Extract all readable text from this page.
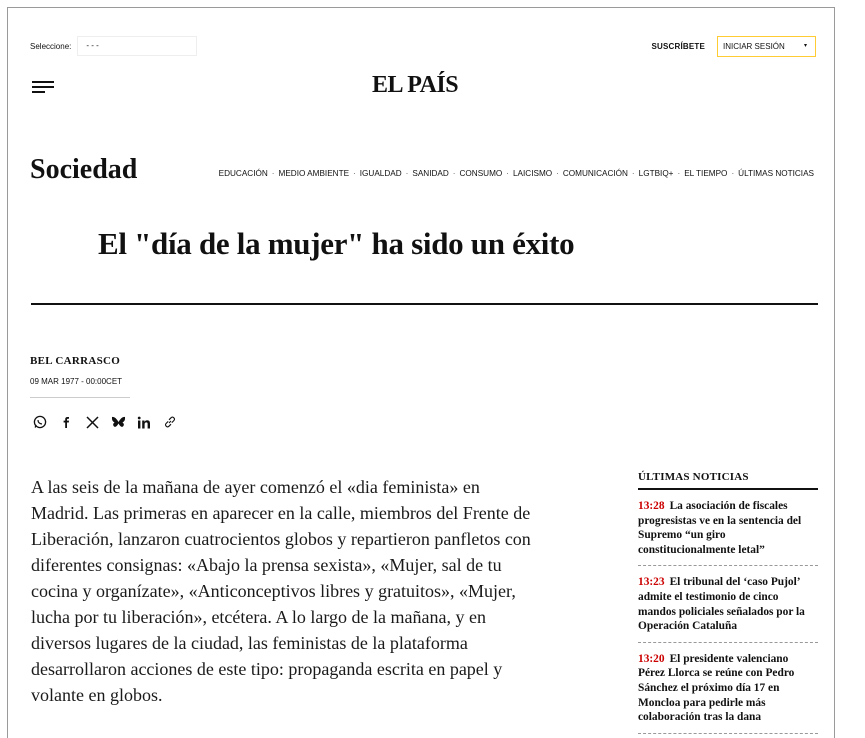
Seleccione:	- - -	SUSCRÍBETE	INICIAR SESIÓN	▾
EL PAÍS
Sociedad	EDUCACIÓN · MEDIO AMBIENTE · IGUALDAD · SANIDAD · CONSUMO · LAICISMO · COMUNICACIÓN · LGTBIQ+ · EL TIEMPO · ÚLTIMAS NOTICIAS
El "día de la mujer" ha sido un éxito
BEL CARRASCO
09 MAR 1977 - 00:00CET

A las seis de la mañana de ayer comenzó el «dia feminista» en Madrid. Las primeras en aparecer en la calle, miembros del Frente de Liberación, lanzaron cuatrocientos globos y repartieron panfletos con diferentes consignas: «Abajo la prensa sexista», «Mujer, sal de tu cocina y organízate», «Anticonceptivos libres y gratuitos», «Mujer, lucha por tu liberación», etcétera. A lo largo de la mañana, y en diversos lugares de la ciudad, las feministas de la plataforma desarrollaron acciones de este tipo: propaganda escrita en papel y volante en globos.

ÚLTIMAS NOTICIAS
13:28 La asociación de fiscales progresistas ve en la sentencia del Supremo “un giro constitucionalmente letal”
13:23 El tribunal del ‘caso Pujol’ admite el testimonio de cinco mandos policiales señalados por la Operación Cataluña
13:20 El presidente valenciano Pérez Llorca se reúne con Pedro Sánchez el próximo día 17 en Moncloa para pedirle más colaboración tras la dana
